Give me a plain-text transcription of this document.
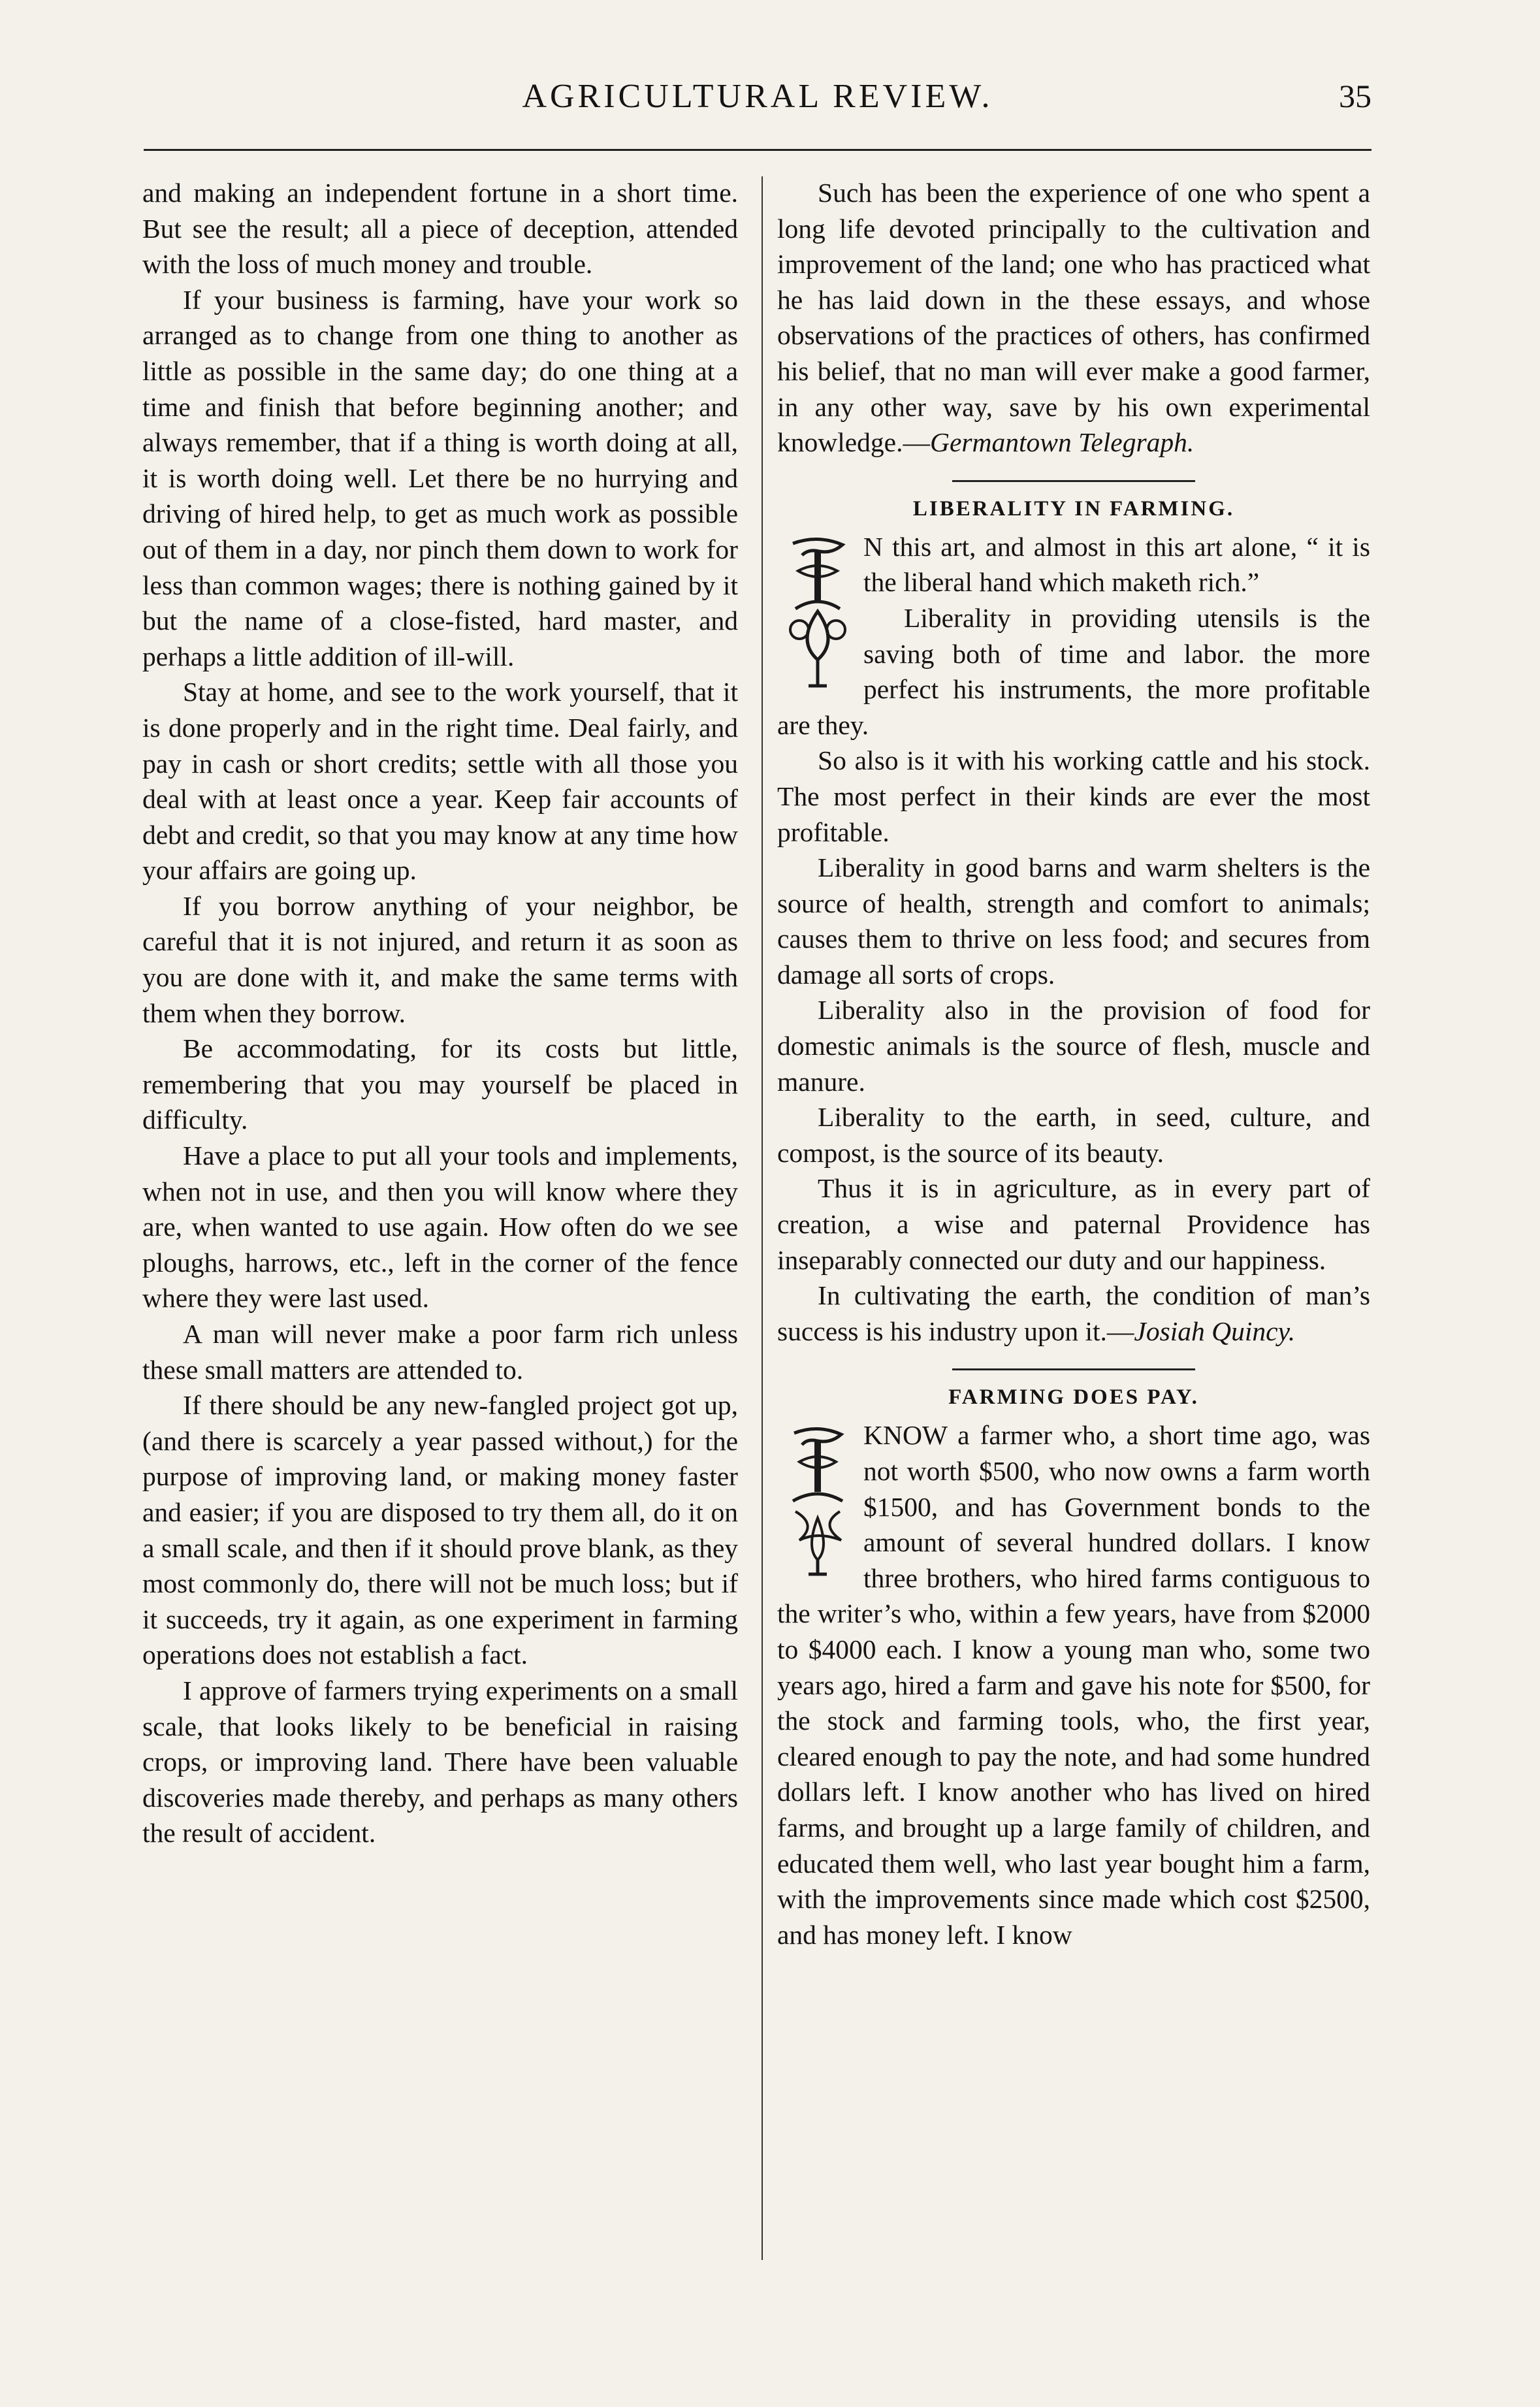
AGRICULTURAL REVIEW.	35

and making an independent fortune in a short time. But see the result; all a piece of deception, attended with the loss of much money and trouble.

If your business is farming, have your work so arranged as to change from one thing to another as little as possible in the same day; do one thing at a time and finish that before beginning another; and always remember, that if a thing is worth doing at all, it is worth doing well. Let there be no hurrying and driving of hired help, to get as much work as possible out of them in a day, nor pinch them down to work for less than common wages; there is nothing gained by it but the name of a close-fisted, hard master, and perhaps a little addition of ill-will.

Stay at home, and see to the work yourself, that it is done properly and in the right time. Deal fairly, and pay in cash or short credits; settle with all those you deal with at least once a year. Keep fair accounts of debt and credit, so that you may know at any time how your affairs are going up.

If you borrow anything of your neighbor, be careful that it is not injured, and return it as soon as you are done with it, and make the same terms with them when they borrow.

Be accommodating, for its costs but little, remembering that you may yourself be placed in difficulty.

Have a place to put all your tools and implements, when not in use, and then you will know where they are, when wanted to use again. How often do we see ploughs, harrows, etc., left in the corner of the fence where they were last used.

A man will never make a poor farm rich unless these small matters are attended to.

If there should be any new-fangled project got up, (and there is scarcely a year passed without,) for the purpose of improving land, or making money faster and easier; if you are disposed to try them all, do it on a small scale, and then if it should prove blank, as they most commonly do, there will not be much loss; but if it succeeds, try it again, as one experiment in farming operations does not establish a fact.

I approve of farmers trying experiments on a small scale, that looks likely to be beneficial in raising crops, or improving land. There have been valuable discoveries made thereby, and perhaps as many others the result of accident.

Such has been the experience of one who spent a long life devoted principally to the cultivation and improvement of the land; one who has practiced what he has laid down in the these essays, and whose observations of the practices of others, has confirmed his belief, that no man will ever make a good farmer, in any other way, save by his own experimental knowledge.—Germantown Telegraph.

LIBERALITY IN FARMING.

N this art, and almost in this art alone, “ it is the liberal hand which maketh rich.”

Liberality in providing utensils is the saving both of time and labor. the more perfect his instruments, the more profitable are they.

So also is it with his working cattle and his stock. The most perfect in their kinds are ever the most profitable.

Liberality in good barns and warm shelters is the source of health, strength and comfort to animals; causes them to thrive on less food; and secures from damage all sorts of crops.

Liberality also in the provision of food for domestic animals is the source of flesh, muscle and manure.

Liberality to the earth, in seed, culture, and compost, is the source of its beauty.

Thus it is in agriculture, as in every part of creation, a wise and paternal Providence has inseparably connected our duty and our happiness.

In cultivating the earth, the condition of man’s success is his industry upon it.—Josiah Quincy.

FARMING DOES PAY.

KNOW a farmer who, a short time ago, was not worth $500, who now owns a farm worth $1500, and has Government bonds to the amount of several hundred dollars. I know three brothers, who hired farms contiguous to the writer’s who, within a few years, have from $2000 to $4000 each. I know a young man who, some two years ago, hired a farm and gave his note for $500, for the stock and farming tools, who, the first year, cleared enough to pay the note, and had some hundred dollars left. I know another who has lived on hired farms, and brought up a large family of children, and educated them well, who last year bought him a farm, with the improvements since made which cost $2500, and has money left. I know
